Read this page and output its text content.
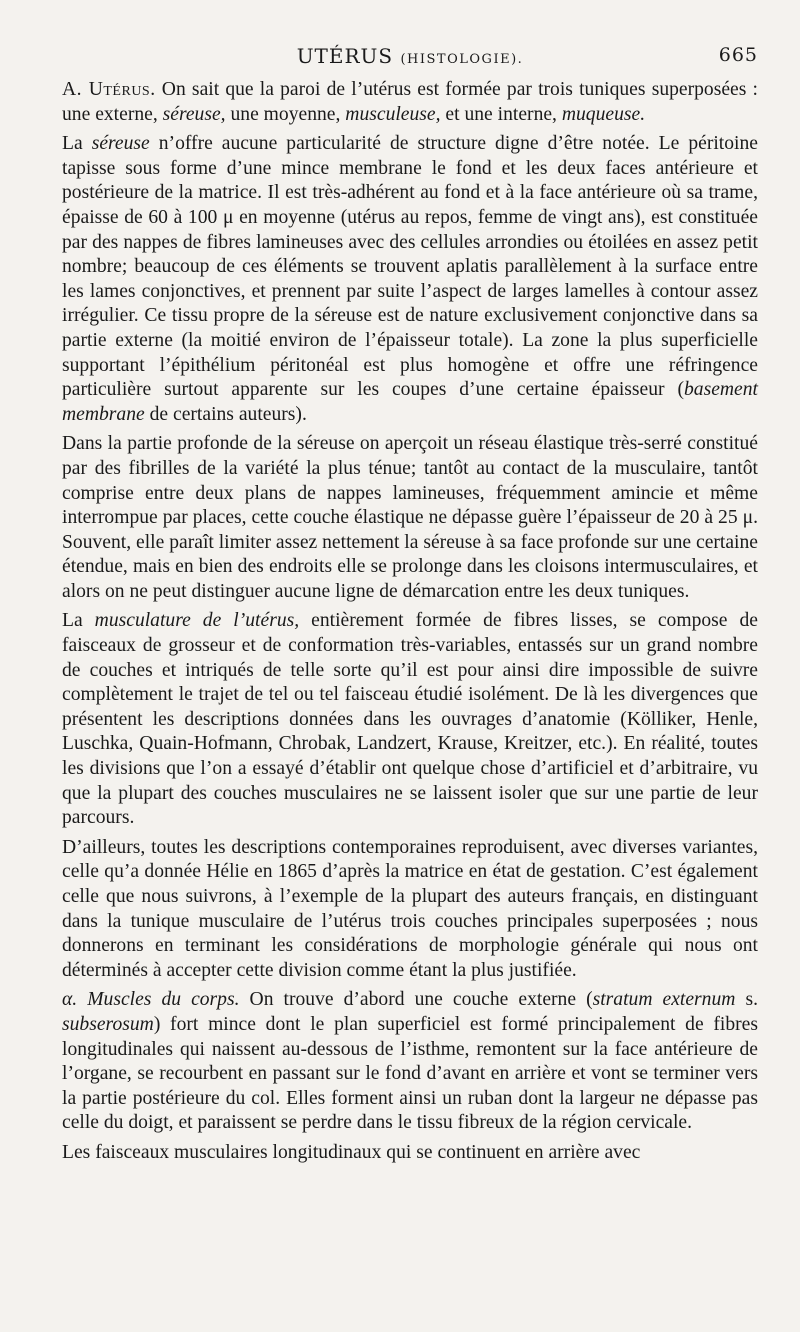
UTÉRUS (HISTOLOGIE).	665

A. Utérus. On sait que la paroi de l’utérus est formée par trois tuniques superposées : une externe, séreuse, une moyenne, musculeuse, et une interne, muqueuse.

La séreuse n’offre aucune particularité de structure digne d’être notée. Le péritoine tapisse sous forme d’une mince membrane le fond et les deux faces antérieure et postérieure de la matrice. Il est très-adhérent au fond et à la face antérieure où sa trame, épaisse de 60 à 100 μ en moyenne (utérus au repos, femme de vingt ans), est constituée par des nappes de fibres lamineuses avec des cellules arrondies ou étoilées en assez petit nombre; beaucoup de ces éléments se trouvent aplatis parallèlement à la surface entre les lames conjonctives, et prennent par suite l’aspect de larges lamelles à contour assez irrégulier. Ce tissu propre de la séreuse est de nature exclusivement conjonctive dans sa partie externe (la moitié environ de l’épaisseur totale). La zone la plus superficielle supportant l’épithélium péritonéal est plus homogène et offre une réfringence particulière surtout apparente sur les coupes d’une certaine épaisseur (basement membrane de certains auteurs).

Dans la partie profonde de la séreuse on aperçoit un réseau élastique très-serré constitué par des fibrilles de la variété la plus ténue; tantôt au contact de la musculaire, tantôt comprise entre deux plans de nappes lamineuses, fréquemment amincie et même interrompue par places, cette couche élastique ne dépasse guère l’épaisseur de 20 à 25 μ. Souvent, elle paraît limiter assez nettement la séreuse à sa face profonde sur une certaine étendue, mais en bien des endroits elle se prolonge dans les cloisons intermusculaires, et alors on ne peut distinguer aucune ligne de démarcation entre les deux tuniques.

La musculature de l’utérus, entièrement formée de fibres lisses, se compose de faisceaux de grosseur et de conformation très-variables, entassés sur un grand nombre de couches et intriqués de telle sorte qu’il est pour ainsi dire impossible de suivre complètement le trajet de tel ou tel faisceau étudié isolément. De là les divergences que présentent les descriptions données dans les ouvrages d’anatomie (Kölliker, Henle, Luschka, Quain-Hofmann, Chrobak, Landzert, Krause, Kreitzer, etc.). En réalité, toutes les divisions que l’on a essayé d’établir ont quelque chose d’artificiel et d’arbitraire, vu que la plupart des couches musculaires ne se laissent isoler que sur une partie de leur parcours.

D’ailleurs, toutes les descriptions contemporaines reproduisent, avec diverses variantes, celle qu’a donnée Hélie en 1865 d’après la matrice en état de gestation. C’est également celle que nous suivrons, à l’exemple de la plupart des auteurs français, en distinguant dans la tunique musculaire de l’utérus trois couches principales superposées ; nous donnerons en terminant les considérations de morphologie générale qui nous ont déterminés à accepter cette division comme étant la plus justifiée.

α. Muscles du corps. On trouve d’abord une couche externe (stratum externum s. subserosum) fort mince dont le plan superficiel est formé principalement de fibres longitudinales qui naissent au-dessous de l’isthme, remontent sur la face antérieure de l’organe, se recourbent en passant sur le fond d’avant en arrière et vont se terminer vers la partie postérieure du col. Elles forment ainsi un ruban dont la largeur ne dépasse pas celle du doigt, et paraissent se perdre dans le tissu fibreux de la région cervicale.

Les faisceaux musculaires longitudinaux qui se continuent en arrière avec
